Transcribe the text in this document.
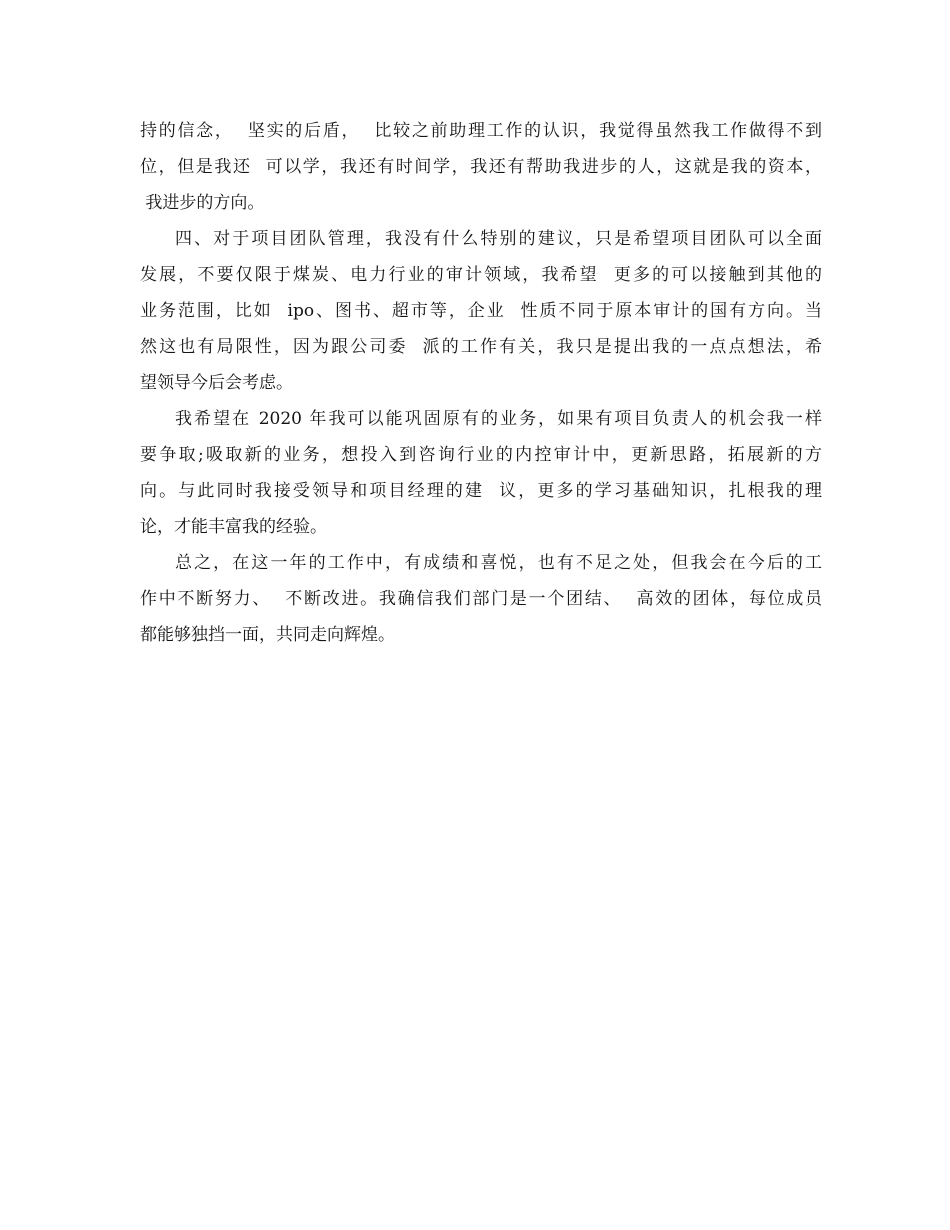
持的信念，  坚实的后盾，  比较之前助理工作的认识，我觉得虽然我工作做得不到
位，但是我还  可以学，我还有时间学，我还有帮助我进步的人，这就是我的资本，
我进步的方向。
四、对于项目团队管理，我没有什么特别的建议，只是希望项目团队可以全面
发展，不要仅限于煤炭、电力行业的审计领域，我希望  更多的可以接触到其他的
业务范围，比如  ipo、图书、超市等，企业  性质不同于原本审计的国有方向。当
然这也有局限性，因为跟公司委  派的工作有关，我只是提出我的一点点想法，希
望领导今后会考虑。
我希望在 2020 年我可以能巩固原有的业务，如果有项目负责人的机会我一样
要争取;吸取新的业务，想投入到咨询行业的内控审计中，更新思路，拓展新的方
向。与此同时我接受领导和项目经理的建  议，更多的学习基础知识，扎根我的理
论，才能丰富我的经验。
总之，在这一年的工作中，有成绩和喜悦，也有不足之处，但我会在今后的工
作中不断努力、  不断改进。我确信我们部门是一个团结、  高效的团体，每位成员
都能够独挡一面，共同走向辉煌。
